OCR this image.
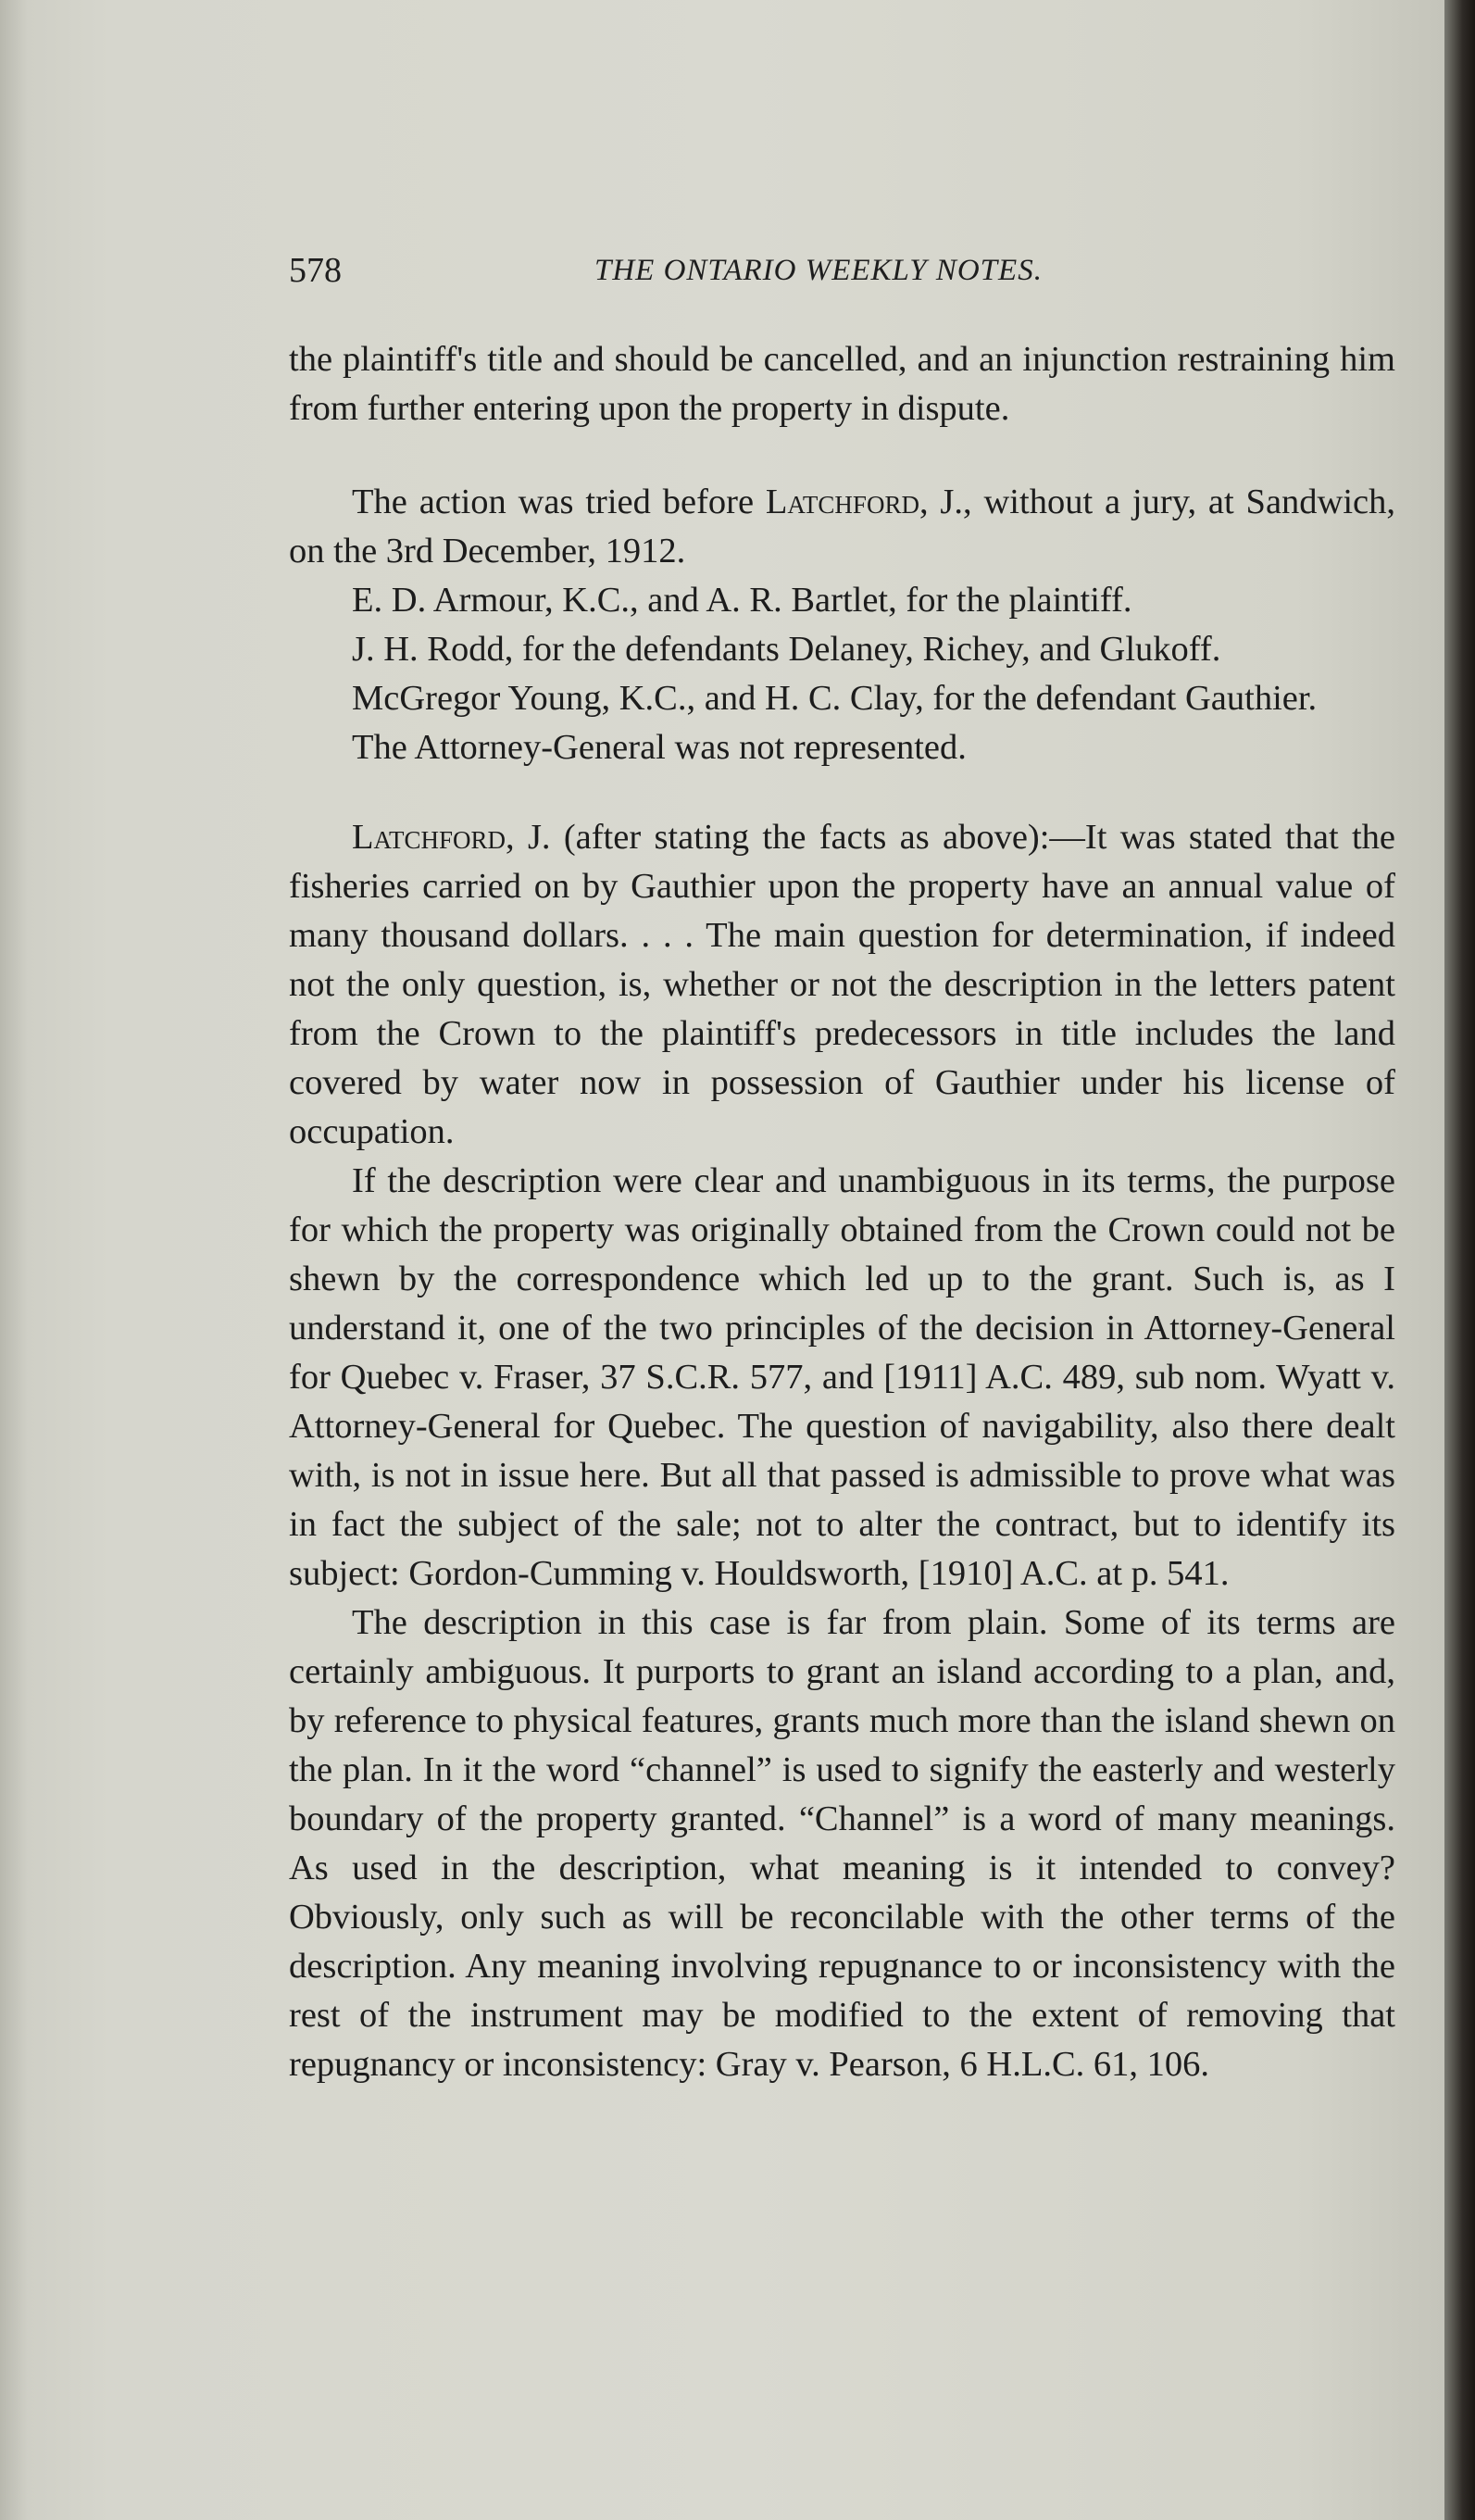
578	THE ONTARIO WEEKLY NOTES.

the plaintiff's title and should be cancelled, and an injunction restraining him from further entering upon the property in dispute.

The action was tried before Latchford, J., without a jury, at Sandwich, on the 3rd December, 1912.

E. D. Armour, K.C., and A. R. Bartlet, for the plaintiff.

J. H. Rodd, for the defendants Delaney, Richey, and Glukoff.

McGregor Young, K.C., and H. C. Clay, for the defendant Gauthier.

The Attorney-General was not represented.

Latchford, J. (after stating the facts as above):—It was stated that the fisheries carried on by Gauthier upon the property have an annual value of many thousand dollars. . . . The main question for determination, if indeed not the only question, is, whether or not the description in the letters patent from the Crown to the plaintiff's predecessors in title includes the land covered by water now in possession of Gauthier under his license of occupation.

If the description were clear and unambiguous in its terms, the purpose for which the property was originally obtained from the Crown could not be shewn by the correspondence which led up to the grant. Such is, as I understand it, one of the two principles of the decision in Attorney-General for Quebec v. Fraser, 37 S.C.R. 577, and [1911] A.C. 489, sub nom. Wyatt v. Attorney-General for Quebec. The question of navigability, also there dealt with, is not in issue here. But all that passed is admissible to prove what was in fact the subject of the sale; not to alter the contract, but to identify its subject: Gordon-Cumming v. Houldsworth, [1910] A.C. at p. 541.

The description in this case is far from plain. Some of its terms are certainly ambiguous. It purports to grant an island according to a plan, and, by reference to physical features, grants much more than the island shewn on the plan. In it the word “channel” is used to signify the easterly and westerly boundary of the property granted. “Channel” is a word of many meanings. As used in the description, what meaning is it intended to convey? Obviously, only such as will be reconcilable with the other terms of the description. Any meaning involving repugnance to or inconsistency with the rest of the instrument may be modified to the extent of removing that repugnancy or inconsistency: Gray v. Pearson, 6 H.L.C. 61, 106.
